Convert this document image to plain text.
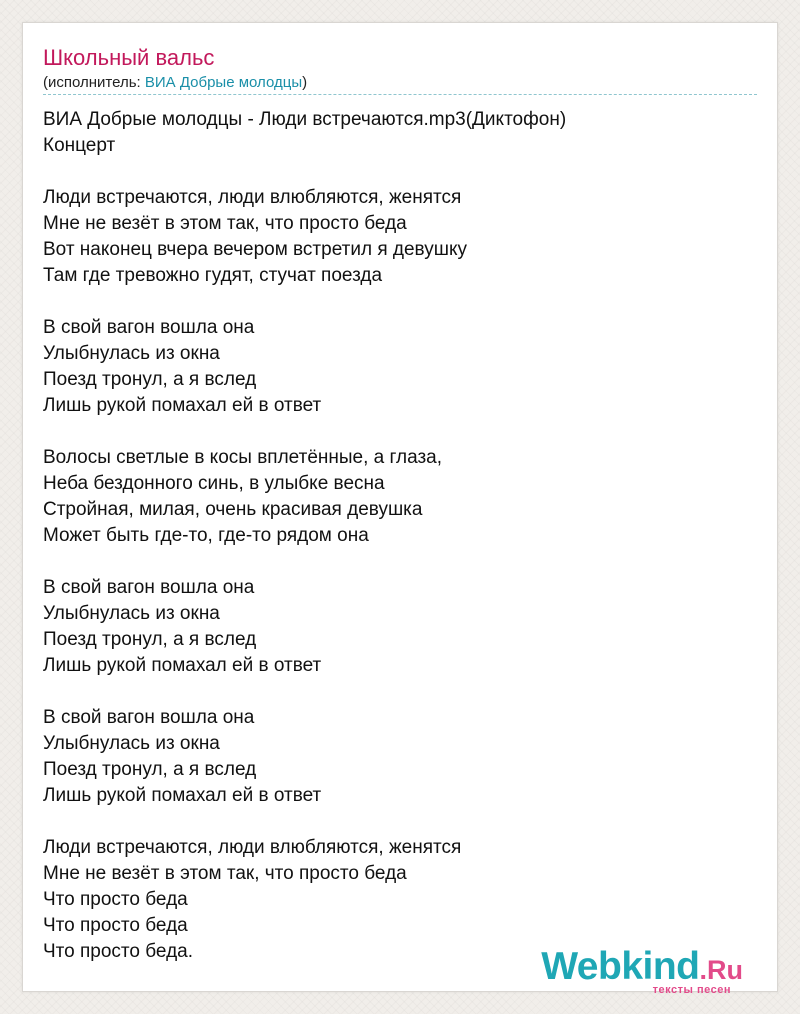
Школьный вальс
(исполнитель: ВИА Добрые молодцы)
ВИА Добрые молодцы - Люди встречаются.mp3(Диктофон)
Концерт
Люди встречаются, люди влюбляются, женятся
Мне не везёт в этом так, что просто беда
Вот наконец вчера вечером встретил я девушку
Там где тревожно гудят, стучат поезда
В свой вагон вошла она
Улыбнулась из окна
Поезд тронул, а я вслед
Лишь рукой помахал ей в ответ
Волосы светлые в косы вплетённые, а глаза,
Неба бездонного синь, в улыбке весна
Стройная, милая, очень красивая девушка
Может быть где-то, где-то рядом она
В свой вагон вошла она
Улыбнулась из окна
Поезд тронул, а я вслед
Лишь рукой помахал ей в ответ
В свой вагон вошла она
Улыбнулась из окна
Поезд тронул, а я вслед
Лишь рукой помахал ей в ответ
Люди встречаются, люди влюбляются, женятся
Мне не везёт в этом так, что просто беда
Что просто беда
Что просто беда
Что просто беда.	Webkind.Ru
тексты песен
